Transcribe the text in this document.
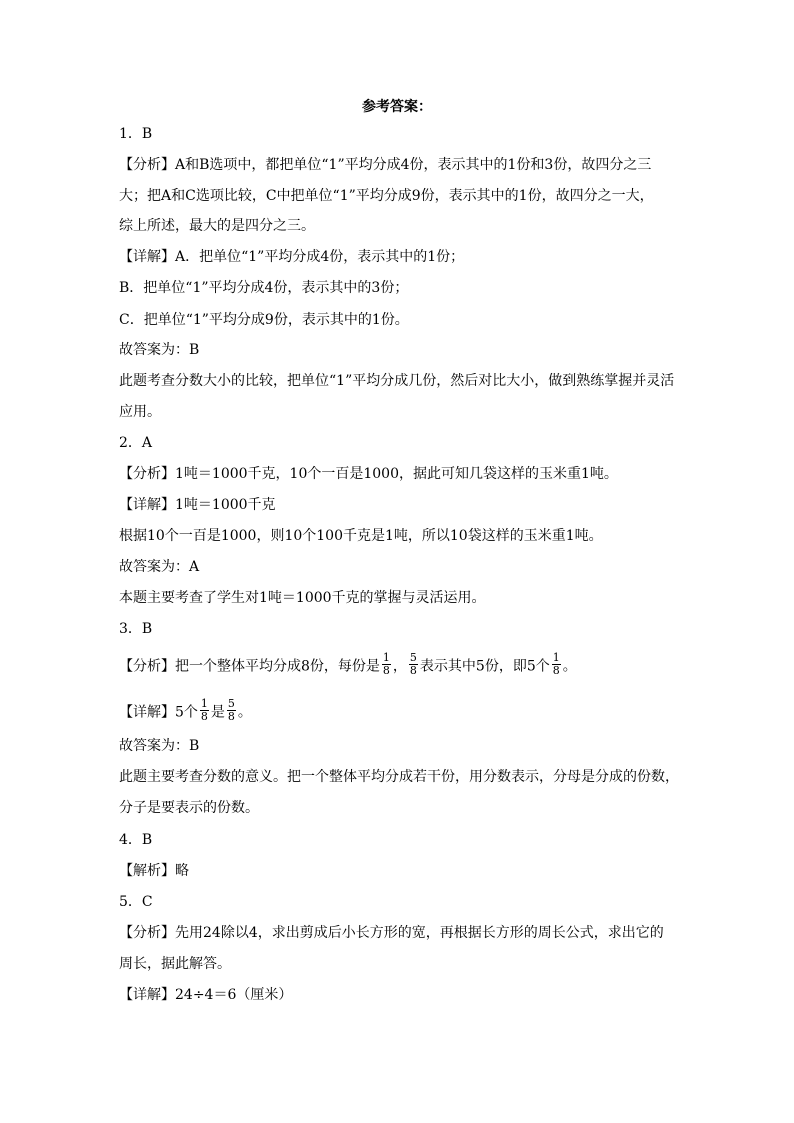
参考答案：
1．B
【分析】A和B选项中，都把单位“1”平均分成4份，表示其中的1份和3份，故四分之三
大；把A和C选项比较，C中把单位“1”平均分成9份，表示其中的1份，故四分之一大，
综上所述，最大的是四分之三。
【详解】A．把单位“1”平均分成4份，表示其中的1份；
B．把单位“1”平均分成4份，表示其中的3份；
C．把单位“1”平均分成9份，表示其中的1份。
故答案为：B
此题考查分数大小的比较，把单位“1”平均分成几份，然后对比大小，做到熟练掌握并灵活
应用。
2．A
【分析】1吨＝1000千克，10个一百是1000，据此可知几袋这样的玉米重1吨。
【详解】1吨＝1000千克
根据10个一百是1000，则10个100千克是1吨，所以10袋这样的玉米重1吨。
故答案为：A
本题主要考查了学生对1吨＝1000千克的掌握与灵活运用。
3．B
【分析】把一个整体平均分成8份，每份是 $\frac{1}{8}$ ， $\frac{5}{8}$ 表示其中5份，即5个 $\frac{1}{8}$ 。
【详解】5个 $\frac{1}{8}$ 是 $\frac{5}{8}$ 。
故答案为：B
此题主要考查分数的意义。把一个整体平均分成若干份，用分数表示，分母是分成的份数，
分子是要表示的份数。
4．B
【解析】略
5．C
【分析】先用24除以4，求出剪成后小长方形的宽，再根据长方形的周长公式，求出它的
周长，据此解答。
【详解】24÷4＝6（厘米）
